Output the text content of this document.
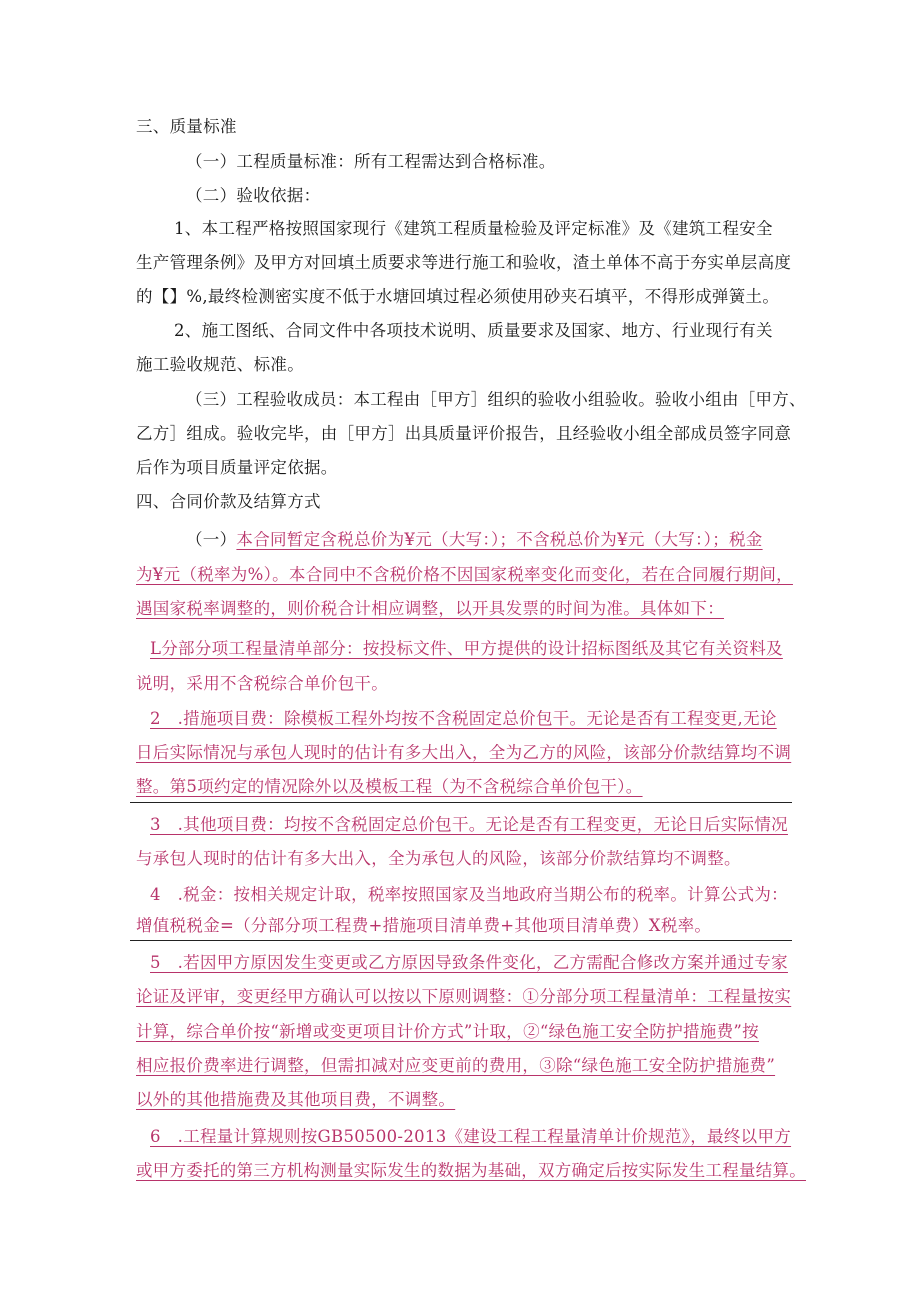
三、质量标准
（一）工程质量标准：所有工程需达到合格标准。
（二）验收依据：
1、本工程严格按照国家现行《建筑工程质量检验及评定标准》及《建筑工程安全
生产管理条例》及甲方对回填土质要求等进行施工和验收，渣土单体不高于夯实单层高度
的【】%,最终检测密实度不低于水塘回填过程必须使用砂夹石填平，不得形成弹簧土。
2、施工图纸、合同文件中各项技术说明、质量要求及国家、地方、行业现行有关
施工验收规范、标准。
（三）工程验收成员：本工程由［甲方］组织的验收小组验收。验收小组由［甲方、
乙方］组成。验收完毕，由［甲方］出具质量评价报告，且经验收小组全部成员签字同意
后作为项目质量评定依据。
四、合同价款及结算方式
（一）本合同暂定含税总价为¥元（大写：）；不含税总价为¥元（大写：）；税金
为¥元（税率为%）。本合同中不含税价格不因国家税率变化而变化，若在合同履行期间，
遇国家税率调整的，则价税合计相应调整，以开具发票的时间为准。具体如下：
L分部分项工程量清单部分：按投标文件、甲方提供的设计招标图纸及其它有关资料及
说明，采用不含税综合单价包干。
2　.措施项目费：除模板工程外均按不含税固定总价包干。无论是否有工程变更,无论
日后实际情况与承包人现时的估计有多大出入，全为乙方的风险，该部分价款结算均不调
整。第5项约定的情况除外以及模板工程（为不含税综合单价包干）。
3　.其他项目费：均按不含税固定总价包干。无论是否有工程变更，无论日后实际情况
与承包人现时的估计有多大出入，全为承包人的风险，该部分价款结算均不调整。
4　.税金：按相关规定计取，税率按照国家及当地政府当期公布的税率。计算公式为：
增值税税金=（分部分项工程费+措施项目清单费+其他项目清单费）X税率。
5　.若因甲方原因发生变更或乙方原因导致条件变化，乙方需配合修改方案并通过专家
论证及评审，变更经甲方确认可以按以下原则调整：①分部分项工程量清单：工程量按实
计算，综合单价按“新增或变更项目计价方式”计取，②“绿色施工安全防护措施费”按
相应报价费率进行调整，但需扣减对应变更前的费用，③除“绿色施工安全防护措施费”
以外的其他措施费及其他项目费，不调整。
6　.工程量计算规则按GB50500-2013《建设工程工程量清单计价规范》，最终以甲方
或甲方委托的第三方机构测量实际发生的数据为基础，双方确定后按实际发生工程量结算。
